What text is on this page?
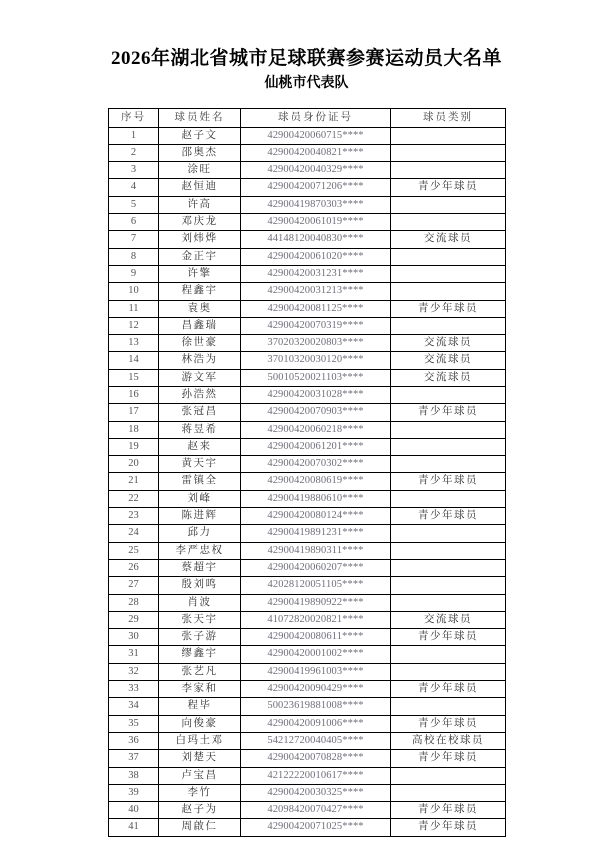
2026年湖北省城市足球联赛参赛运动员大名单
仙桃市代表队
序号	球员姓名	球员身份证号	球员类别
1	赵子文	42900420060715****	
2	邵奥杰	42900420040821****	
3	涂旺	42900420040329****	
4	赵恒迪	42900420071206****	青少年球员
5	许高	42900419870303****	
6	邓庆龙	42900420061019****	
7	刘炜烨	44148120040830****	交流球员
8	金正宇	42900420061020****	
9	许擎	42900420031231****	
10	程鑫宇	42900420031213****	
11	袁奥	42900420081125****	青少年球员
12	昌鑫瑞	42900420070319****	
13	徐世豪	37020320020803****	交流球员
14	林浩为	37010320030120****	交流球员
15	游文军	50010520021103****	交流球员
16	孙浩然	42900420031028****	
17	张冠昌	42900420070903****	青少年球员
18	蒋昱希	42900420060218****	
19	赵来	42900420061201****	
20	黄天宇	42900420070302****	
21	雷镇全	42900420080619****	青少年球员
22	刘峰	42900419880610****	
23	陈进辉	42900420080124****	青少年球员
24	邱力	42900419891231****	
25	李严忠权	42900419890311****	
26	蔡超宇	42900420060207****	
27	殷刘鸣	42028120051105****	
28	肖波	42900419890922****	
29	张天宇	41072820020821****	交流球员
30	张子游	42900420080611****	青少年球员
31	缪鑫宇	42900420001002****	
32	张艺凡	42900419961003****	
33	李家和	42900420090429****	青少年球员
34	程毕	50023619881008****	
35	向俊豪	42900420091006****	青少年球员
36	白玛土邓	54212720040405****	高校在校球员
37	刘楚天	42900420070828****	青少年球员
38	卢宝昌	42122220010617****	
39	李竹	42900420030325****	
40	赵子为	42098420070427****	青少年球员
41	周啟仁	42900420071025****	青少年球员
